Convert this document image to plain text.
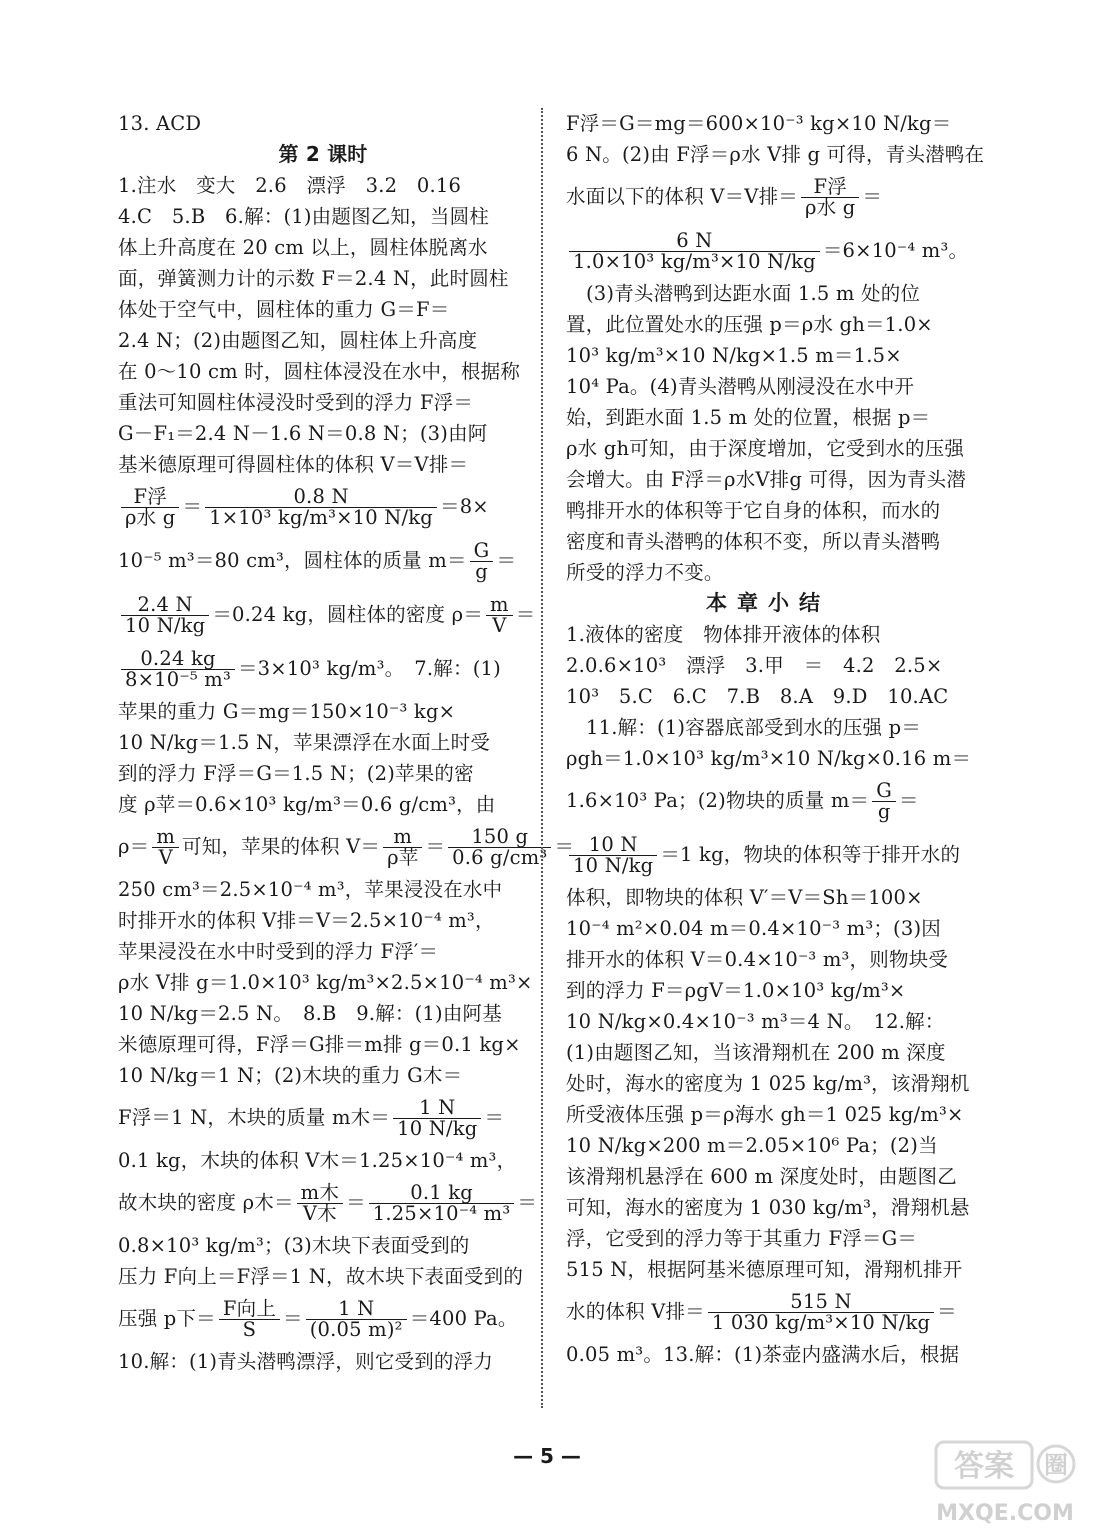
13. ACD
第 2 课时
1.注水　变大　2.6　漂浮　3.2　0.16
4.C　5.B　6.解：(1)由题图乙知，当圆柱
体上升高度在 20 cm 以上，圆柱体脱离水
面，弹簧测力计的示数 F＝2.4 N，此时圆柱
体处于空气中，圆柱体的重力 G＝F＝
2.4 N；(2)由题图乙知，圆柱体上升高度
在 0～10 cm 时，圆柱体浸没在水中，根据称
重法可知圆柱体浸没时受到的浮力 F浮＝
G－F₁＝2.4 N－1.6 N＝0.8 N；(3)由阿
基米德原理可得圆柱体的体积 V＝V排＝
$\frac{\text{F浮}}{\text{ρ水 g}} = \frac{0.8 N}{\text{1×10³ kg/m³×10 N/kg}} =8\times$
10⁻⁵ m³＝80 cm³，圆柱体的质量 $m= \frac{G}{g}$ ＝
$\frac{2.4 N}{10 N/kg} =0.24$ kg，圆柱体的密度 $\rho= \frac{m}{V}$ ＝
$\frac{0.24 kg}{\text{8×10⁻⁵ m³}} =3\times 10^3$ kg/m³。　7.解：(1)
苹果的重力 G＝mg＝150×10⁻³ kg×
10 N/kg＝1.5 N，苹果漂浮在水面上时受
到的浮力 F浮＝G＝1.5 N；(2)苹果的密
度 ρ苹＝0.6×10³ kg/m³＝0.6 g/cm³，由
$\rho= \frac{m}{V}$ 可知，苹果的体积 $V= \frac{m}{\text{ρ苹}} = \frac{150 g}{\text{0.6 g/cm³}}$ ＝
250 cm³＝2.5×10⁻⁴ m³，苹果浸没在水中
时排开水的体积 V排＝V＝2.5×10⁻⁴ m³，
苹果浸没在水中时受到的浮力 F浮′＝
ρ水 V排 g＝1.0×10³ kg/m³×2.5×10⁻⁴ m³×
10 N/kg＝2.5 N。　8.B　9.解：(1)由阿基
米德原理可得，F浮＝G排＝m排 g＝0.1 kg×
10 N/kg＝1 N；(2)木块的重力 G木＝
F浮＝1 N，木块的质量 m木＝ $\frac{1 N}{10 N/kg}$ ＝
0.1 kg，木块的体积 V木＝1.25×10⁻⁴ m³，
故木块的密度 ρ木＝ $\frac{\text{m木}}{\text{V木}} = \frac{0.1 kg}{\text{1.25×10⁻⁴ m³}}$ ＝
0.8×10³ kg/m³；(3)木块下表面受到的
压力 F向上＝F浮＝1 N，故木块下表面受到的
压强 p下＝ $\frac{\text{F向上}}{S} = \frac{1 N}{\text{(0.05 m)²}} =400$ Pa。
10.解：(1)青头潜鸭漂浮，则它受到的浮力
F浮＝G＝mg＝600×10⁻³ kg×10 N/kg＝
6 N。(2)由 F浮＝ρ水 V排 g 可得，青头潜鸭在
水面以下的体积 V＝V排＝ $\frac{\text{F浮}}{\text{ρ水 g}}$ ＝
$\frac{6 N}{\text{1.0×10³ kg/m³×10 N/kg}} =6\times 10^{-4}$ m³。
(3)青头潜鸭到达距水面 1.5 m 处的位
置，此位置处水的压强 p＝ρ水 gh＝1.0×
10³ kg/m³×10 N/kg×1.5 m＝1.5×
10⁴ Pa。(4)青头潜鸭从刚浸没在水中开
始，到距水面 1.5 m 处的位置，根据 p＝
ρ水 gh可知，由于深度增加，它受到水的压强
会增大。由 F浮＝ρ水V排g 可得，因为青头潜
鸭排开水的体积等于它自身的体积，而水的
密度和青头潜鸭的体积不变，所以青头潜鸭
所受的浮力不变。
本章小结
1.液体的密度　物体排开液体的体积
2.0.6×10³　漂浮　3.甲　＝　4.2　2.5×
10³　5.C　6.C　7.B　8.A　9.D　10.AC
11.解：(1)容器底部受到水的压强 p＝
ρgh＝1.0×10³ kg/m³×10 N/kg×0.16 m＝
1.6×10³ Pa；(2)物块的质量 $m= \frac{G}{g}$ ＝
$\frac{10 N}{10 N/kg} =1$ kg，物块的体积等于排开水的
体积，即物块的体积 V′＝V＝Sh＝100×
10⁻⁴ m²×0.04 m＝0.4×10⁻³ m³；(3)因
排开水的体积 V＝0.4×10⁻³ m³，则物块受
到的浮力 F＝ρgV＝1.0×10³ kg/m³×
10 N/kg×0.4×10⁻³ m³＝4 N。　12.解：
(1)由题图乙知，当该滑翔机在 200 m 深度
处时，海水的密度为 1 025 kg/m³，该滑翔机
所受液体压强 p＝ρ海水 gh＝1 025 kg/m³×
10 N/kg×200 m＝2.05×10⁶ Pa；(2)当
该滑翔机悬浮在 600 m 深度处时，由题图乙
可知，海水的密度为 1 030 kg/m³，滑翔机悬
浮，它受到的浮力等于其重力 F浮＝G＝
515 N，根据阿基米德原理可知，滑翔机排开
水的体积 V排＝ $\frac{515 N}{\text{1 030 kg/m³×10 N/kg}}$ ＝
0.05 m³。13.解：(1)茶壶内盛满水后，根据
— 5 —	答案 圈
MXQE.COM
